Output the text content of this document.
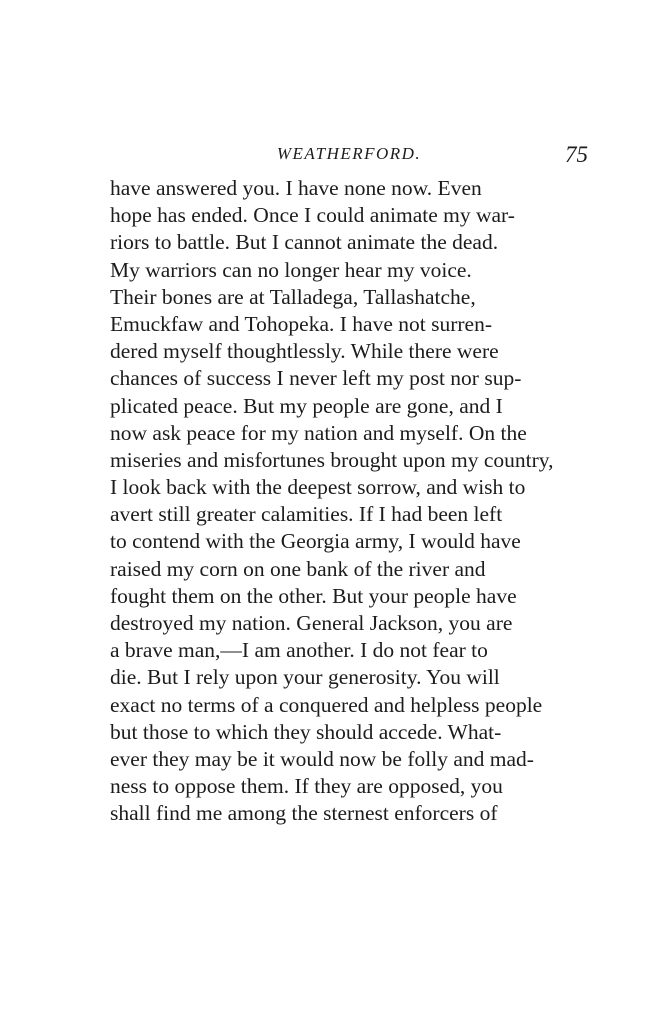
WEATHERFORD.	75
have answered you. I have none now. Even
hope has ended. Once I could animate my war-
riors to battle. But I cannot animate the dead.
My warriors can no longer hear my voice.
Their bones are at Talladega, Tallashatche,
Emuckfaw and Tohopeka. I have not surren-
dered myself thoughtlessly. While there were
chances of success I never left my post nor sup-
plicated peace. But my people are gone, and I
now ask peace for my nation and myself. On the
miseries and misfortunes brought upon my country,
I look back with the deepest sorrow, and wish to
avert still greater calamities. If I had been left
to contend with the Georgia army, I would have
raised my corn on one bank of the river and
fought them on the other. But your people have
destroyed my nation. General Jackson, you are
a brave man,—I am another. I do not fear to
die. But I rely upon your generosity. You will
exact no terms of a conquered and helpless people
but those to which they should accede. What-
ever they may be it would now be folly and mad-
ness to oppose them. If they are opposed, you
shall find me among the sternest enforcers of
